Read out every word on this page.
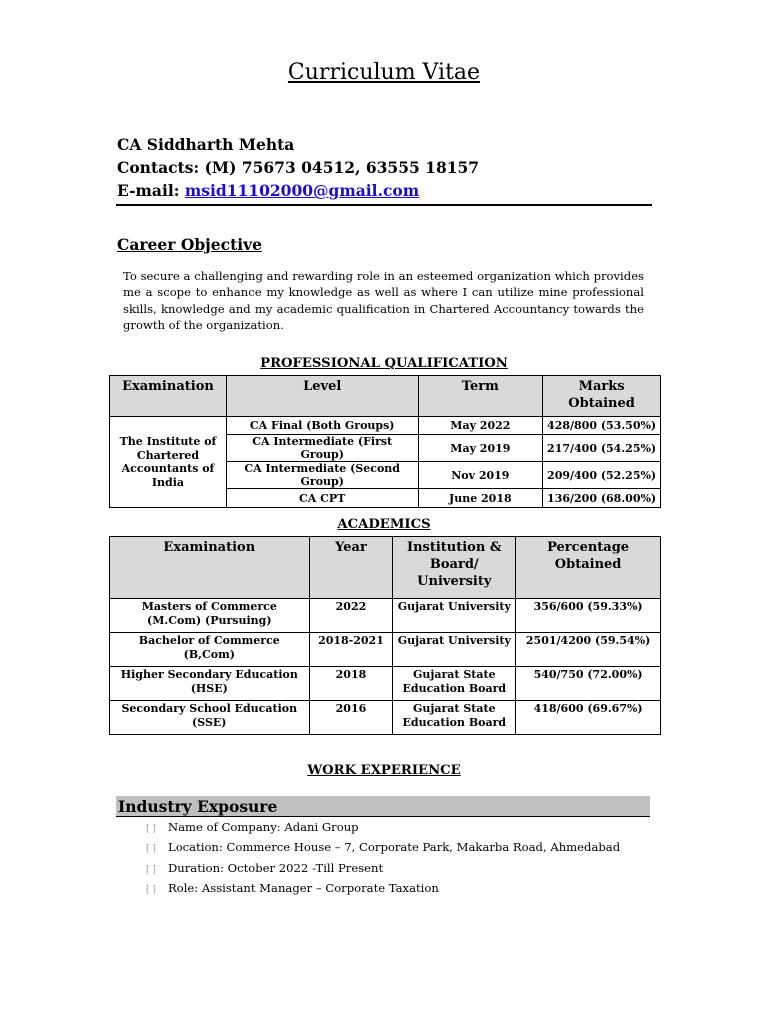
Curriculum Vitae
CA Siddharth Mehta
Contacts: (M) 75673 04512, 63555 18157
E-mail: msid11102000@gmail.com
Career Objective
To secure a challenging and rewarding role in an esteemed organization which provides me a scope to enhance my knowledge as well as where I can utilize mine professional skills, knowledge and my academic qualification in Chartered Accountancy towards the growth of the organization.
PROFESSIONAL QUALIFICATION
Examination	Level	Term	Marks Obtained
The Institute of Chartered Accountants of India	CA Final (Both Groups)	May 2022	428/800 (53.50%)
	CA Intermediate (First Group)	May 2019	217/400 (54.25%)
	CA Intermediate (Second Group)	Nov 2019	209/400 (52.25%)
	CA CPT	June 2018	136/200 (68.00%)
ACADEMICS
Examination	Year	Institution & Board/ University	Percentage Obtained
Masters of Commerce (M.Com) (Pursuing)	2022	Gujarat University	356/600 (59.33%)
Bachelor of Commerce (B,Com)	2018-2021	Gujarat University	2501/4200 (59.54%)
Higher Secondary Education (HSE)	2018	Gujarat State Education Board	540/750 (72.00%)
Secondary School Education (SSE)	2016	Gujarat State Education Board	418/600 (69.67%)
WORK EXPERIENCE
Industry Exposure
[ ] Name of Company: Adani Group
[ ] Location: Commerce House – 7, Corporate Park, Makarba Road, Ahmedabad
[ ] Duration: October 2022 -Till Present
[ ] Role: Assistant Manager – Corporate Taxation
